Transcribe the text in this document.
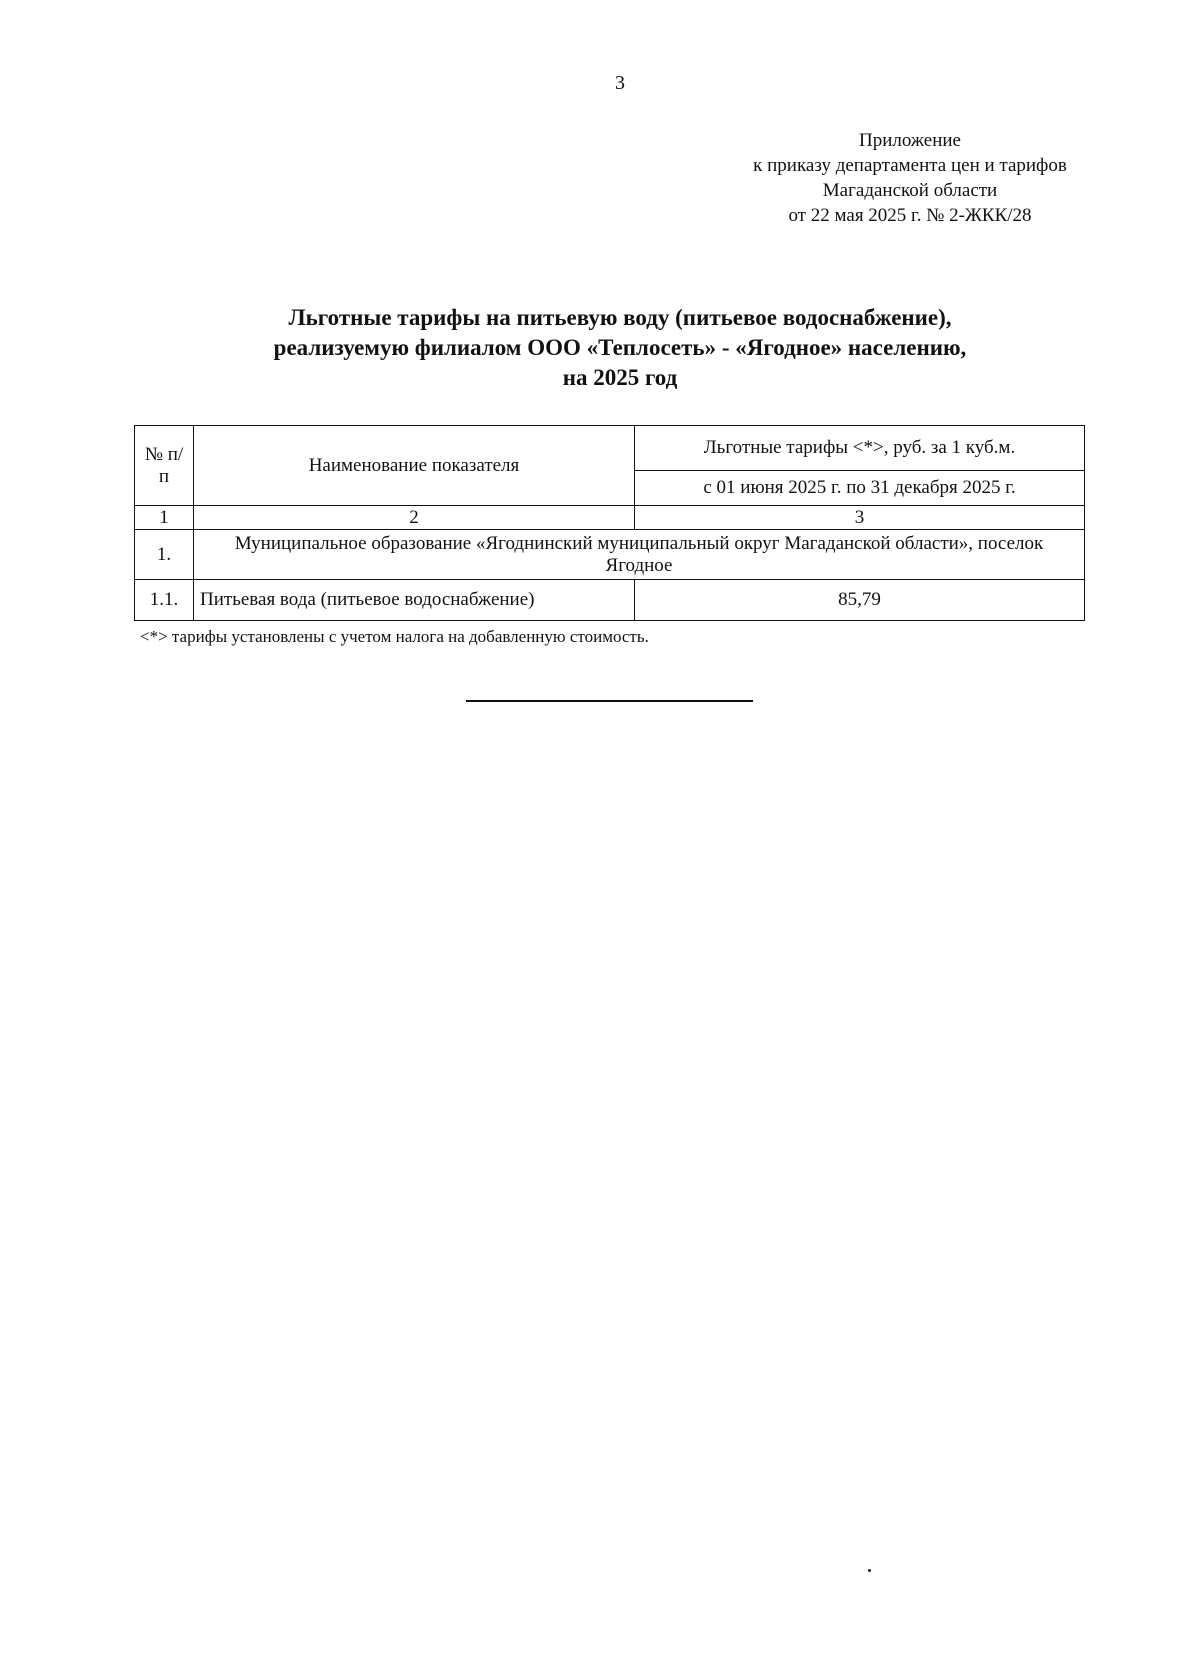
3
Приложение
к приказу департамента цен и тарифов
Магаданской области
от 22 мая 2025 г. № 2-ЖКК/28
Льготные тарифы на питьевую воду (питьевое водоснабжение),
реализуемую филиалом ООО «Теплосеть» - «Ягодное» населению,
на 2025 год
№ п/п	Наименование показателя	Льготные тарифы <*>, руб. за 1 куб.м.
		с 01 июня 2025 г. по 31 декабря 2025 г.
1	2	3
1.	Муниципальное образование «Ягоднинский муниципальный округ Магаданской области», поселок Ягодное	
1.1.	Питьевая вода (питьевое водоснабжение)	85,79
<*> тарифы установлены с учетом налога на добавленную стоимость.
